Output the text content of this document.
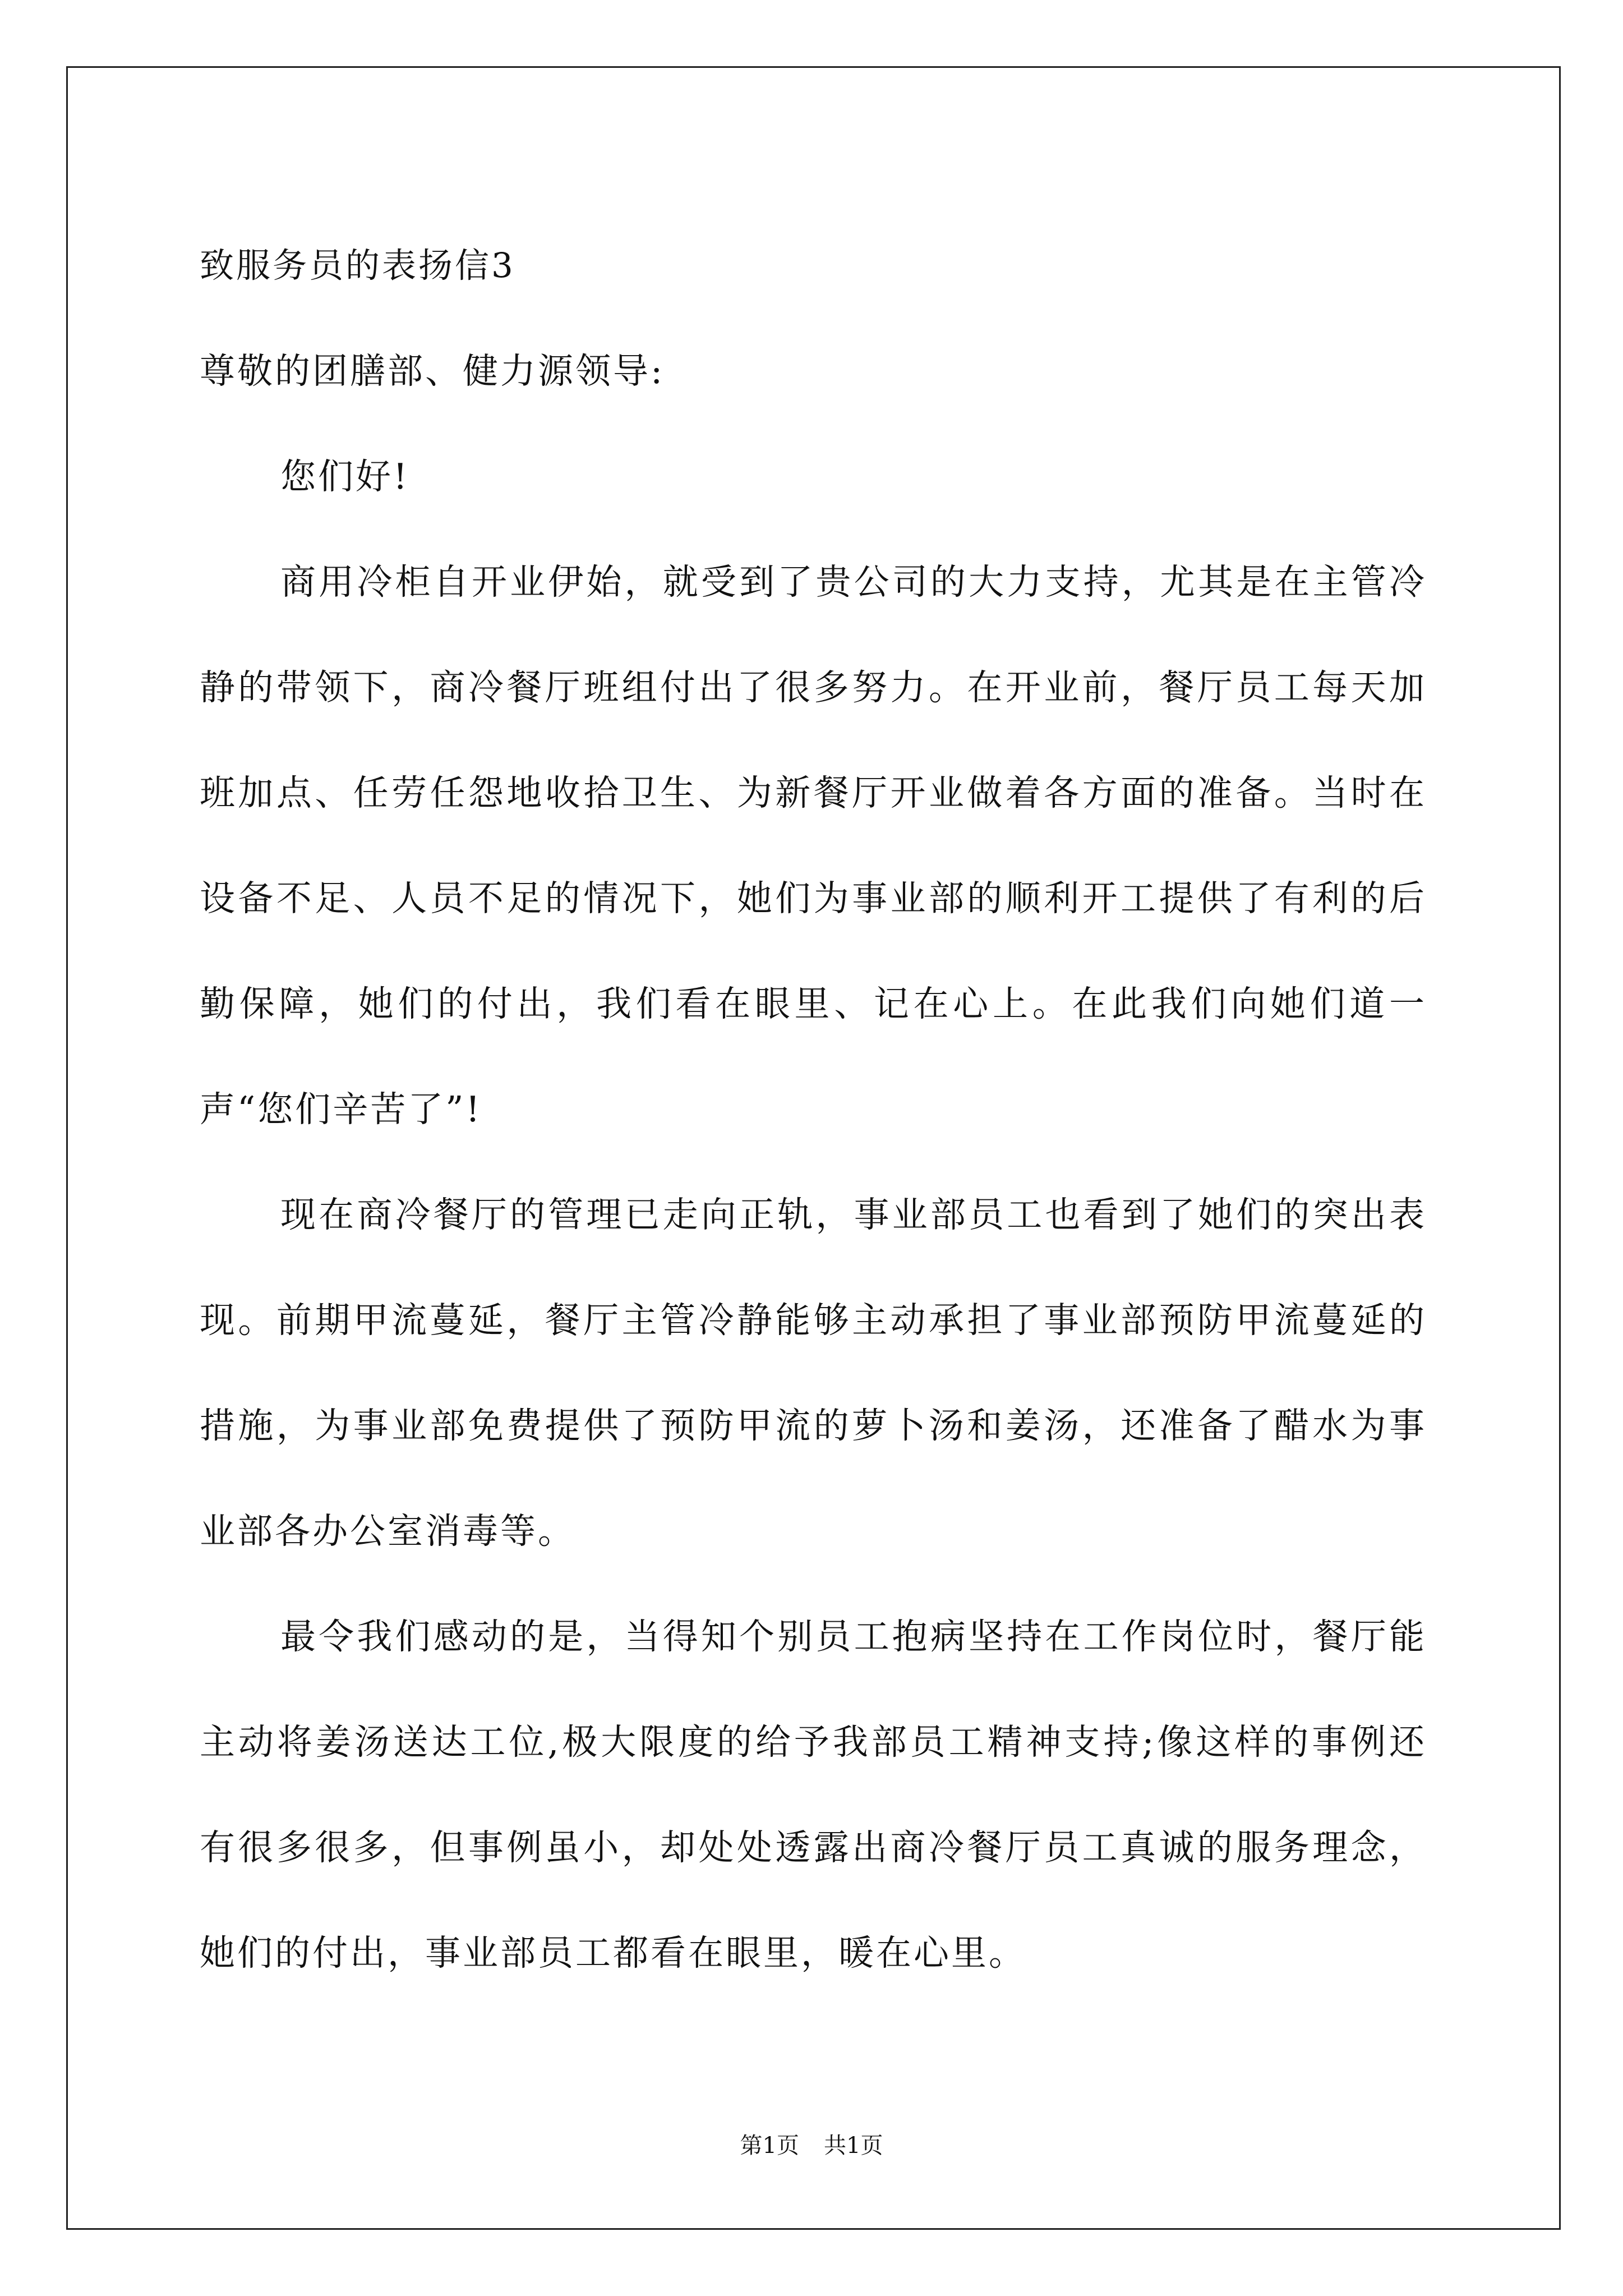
致服务员的表扬信3

尊敬的团膳部、健力源领导:

您们好!

商用冷柜自开业伊始，就受到了贵公司的大力支持，尤其是在主管冷静的带领下，商冷餐厅班组付出了很多努力。在开业前，餐厅员工每天加班加点、任劳任怨地收拾卫生、为新餐厅开业做着各方面的准备。当时在设备不足、人员不足的情况下，她们为事业部的顺利开工提供了有利的后勤保障，她们的付出，我们看在眼里、记在心上。在此我们向她们道一声“您们辛苦了”!

现在商冷餐厅的管理已走向正轨，事业部员工也看到了她们的突出表现。前期甲流蔓延，餐厅主管冷静能够主动承担了事业部预防甲流蔓延的措施，为事业部免费提供了预防甲流的萝卜汤和姜汤，还准备了醋水为事业部各办公室消毒等。

最令我们感动的是，当得知个别员工抱病坚持在工作岗位时，餐厅能主动将姜汤送达工位,极大限度的给予我部员工精神支持;像这样的事例还有很多很多，但事例虽小，却处处透露出商冷餐厅员工真诚的服务理念，她们的付出，事业部员工都看在眼里，暖在心里。

第1页 共1页
